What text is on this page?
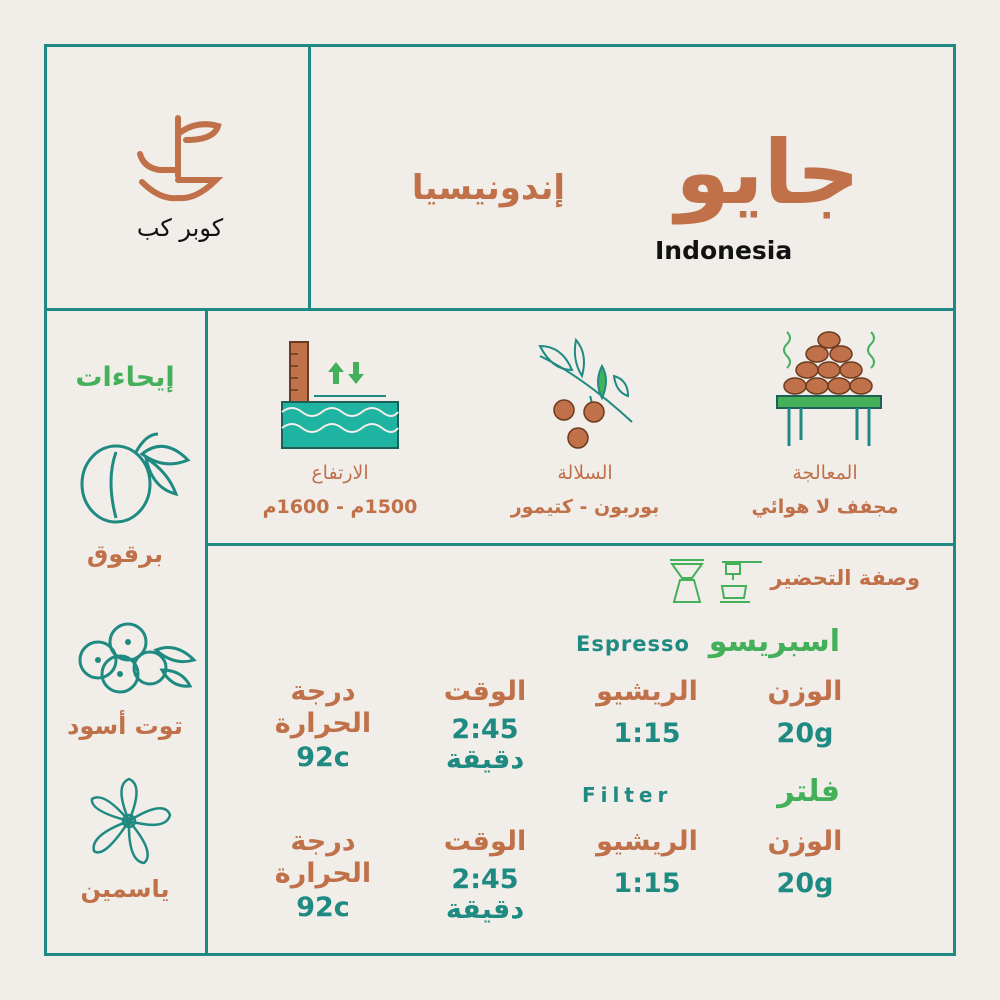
كوبر كب
جايو
إندونيسيا
Indonesia
المعالجة
مجفف لا هوائي
السلالة
بوربون - كتيمور
الارتفاع
1500م - 1600م
إيحاءات
برقوق
توت أسود
ياسمين
وصفة التحضير
اسبريسو
Espresso
الوزن
20g
الريشيو
1:15
الوقت
2:45
دقيقة
درجة
الحرارة
92c
فلتر
Filter
الوزن
20g
الريشيو
1:15
الوقت
2:45
دقيقة
درجة
الحرارة
92c
